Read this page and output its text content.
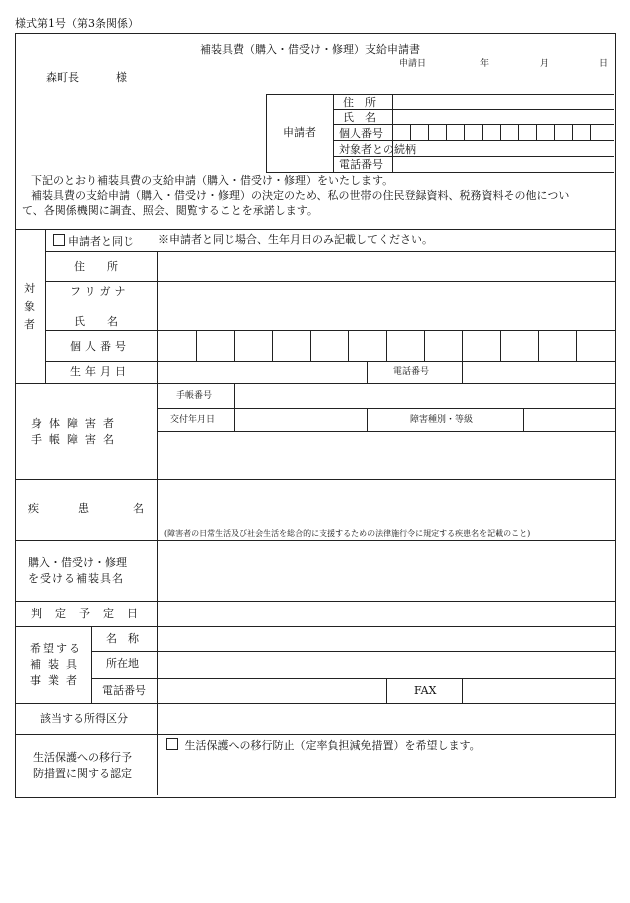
様式第1号（第3条関係）
補装具費（購入・借受け・修理）支給申請書
申請日	年	月	日
森町長	様
申請者
住　所
氏　名
個人番号
対象者との続柄
電話番号
下記のとおり補装具費の支給申請（購入・借受け・修理）をいたします。
補装具費の支給申請（購入・借受け・修理）の決定のため、私の世帯の住民登録資料、税務資料その他につい
て、各関係機関に調査、照会、閲覧することを承諾します。
対
象
者
申請者と同じ ※申請者と同じ場合、生年月日のみ記載してください。
住　　所
フリガナ
氏　　名
個人番号
生年月日	電話番号
身体障害者
手帳障害名
手帳番号
交付年月日	障害種別・等級
疾	患	名
(障害者の日常生活及び社会生活を総合的に支援するための法律施行令に規定する疾患名を記載のこと)
購入・借受け・修理
を受ける補装具名
判定予定日
希望する
補装具
事業者
名　称
所在地
電話番号	FAX
該当する所得区分
生活保護への移行予
防措置に関する認定
生活保護への移行防止（定率負担減免措置）を希望します。
